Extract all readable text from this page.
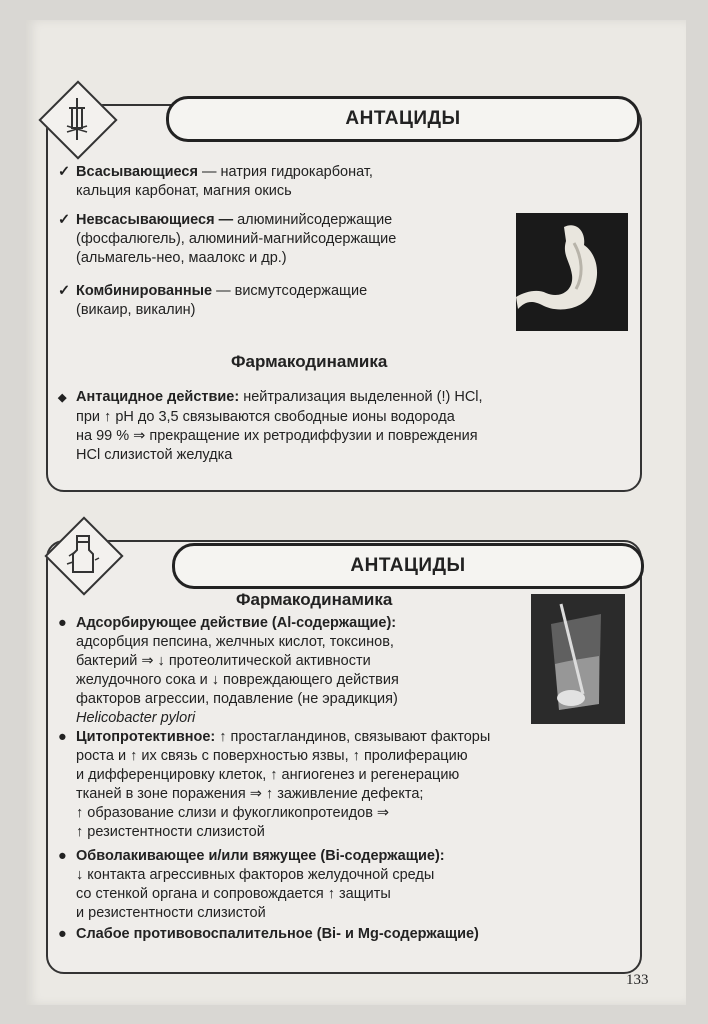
АНТАЦИДЫ
✓ Всасывающиеся — натрия гидрокарбонат,
кальция карбонат, магния окись
✓ Невсасывающиеся — алюминийсодержащие
(фосфалюгель), алюминий-магнийсодержащие
(альмагель-нео, маалокс и др.)
✓ Комбинированные — висмутсодержащие
(викаир, викалин)
Фармакодинамика
◆ Антацидное действие: нейтрализация выделенной (!) HCl,
при ↑ pH до 3,5 связываются свободные ионы водорода
на 99 % ⇒ прекращение их ретродиффузии и повреждения
HCl слизистой желудка
АНТАЦИДЫ
Фармакодинамика
● Адсорбирующее действие (Al-содержащие):
адсорбция пепсина, желчных кислот, токсинов,
бактерий ⇒ ↓ протеолитической активности
желудочного сока и ↓ повреждающего действия
факторов агрессии, подавление (не эрадикция)
Helicobacter pylori
● Цитопротективное: ↑ простагландинов, связывают факторы
роста и ↑ их связь с поверхностью язвы, ↑ пролиферацию
и дифференцировку клеток, ↑ ангиогенез и регенерацию
тканей в зоне поражения ⇒ ↑ заживление дефекта;
↑ образование слизи и фукогликопротеидов ⇒
↑ резистентности слизистой
● Обволакивающее и/или вяжущее (Bi-содержащие):
↓ контакта агрессивных факторов желудочной среды
со стенкой органа и сопровождается ↑ защиты
и резистентности слизистой
● Слабое противовоспалительное (Bi- и Mg-содержащие)
133
